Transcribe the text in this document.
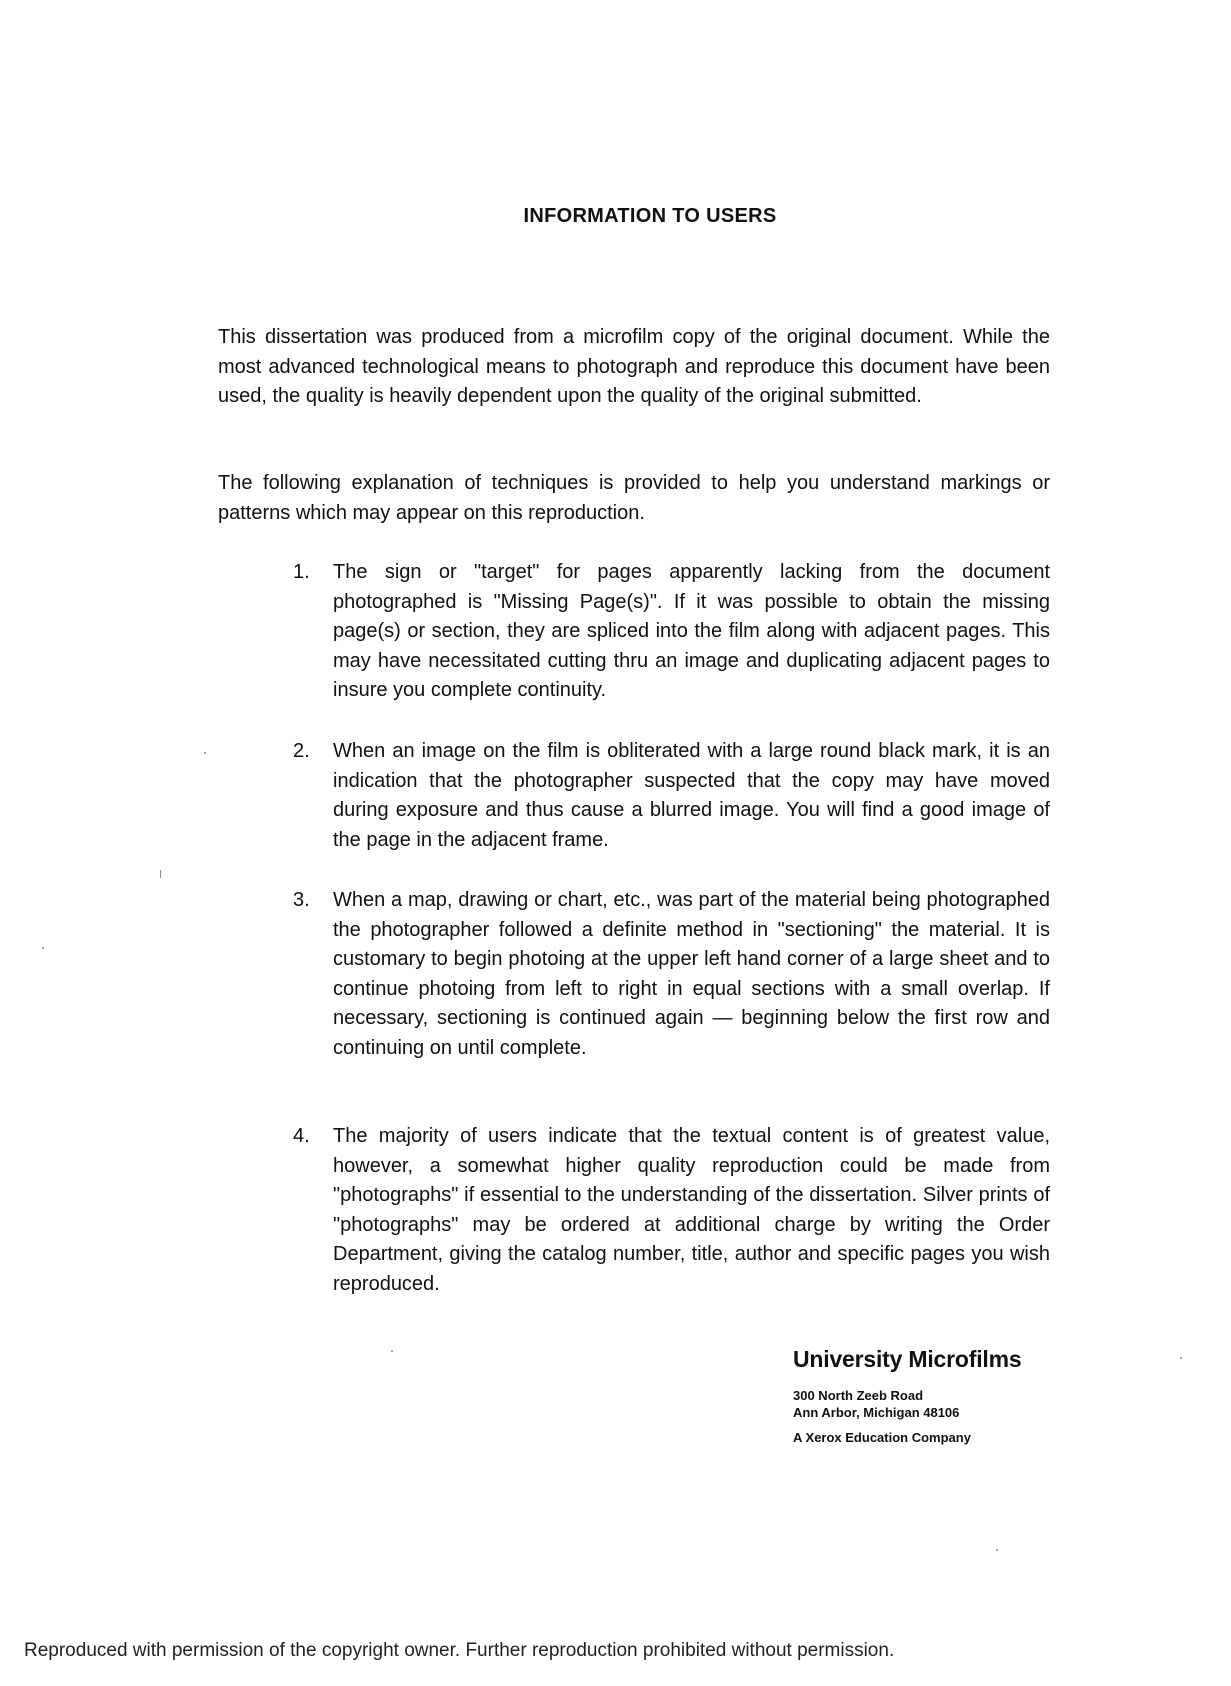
INFORMATION TO USERS

This dissertation was produced from a microfilm copy of the original document. While the most advanced technological means to photograph and reproduce this document have been used, the quality is heavily dependent upon the quality of the original submitted.

The following explanation of techniques is provided to help you understand markings or patterns which may appear on this reproduction.

1.	The sign or "target" for pages apparently lacking from the document photographed is "Missing Page(s)". If it was possible to obtain the missing page(s) or section, they are spliced into the film along with adjacent pages. This may have necessitated cutting thru an image and duplicating adjacent pages to insure you complete continuity.

2.	When an image on the film is obliterated with a large round black mark, it is an indication that the photographer suspected that the copy may have moved during exposure and thus cause a blurred image. You will find a good image of the page in the adjacent frame.

3.	When a map, drawing or chart, etc., was part of the material being photographed the photographer followed a definite method in "sectioning" the material. It is customary to begin photoing at the upper left hand corner of a large sheet and to continue photoing from left to right in equal sections with a small overlap. If necessary, sectioning is continued again — beginning below the first row and continuing on until complete.

4.	The majority of users indicate that the textual content is of greatest value, however, a somewhat higher quality reproduction could be made from "photographs" if essential to the understanding of the dissertation. Silver prints of "photographs" may be ordered at additional charge by writing the Order Department, giving the catalog number, title, author and specific pages you wish reproduced.

University Microfilms

300 North Zeeb Road

Ann Arbor, Michigan 48106

A Xerox Education Company

Reproduced with permission of the copyright owner. Further reproduction prohibited without permission.
